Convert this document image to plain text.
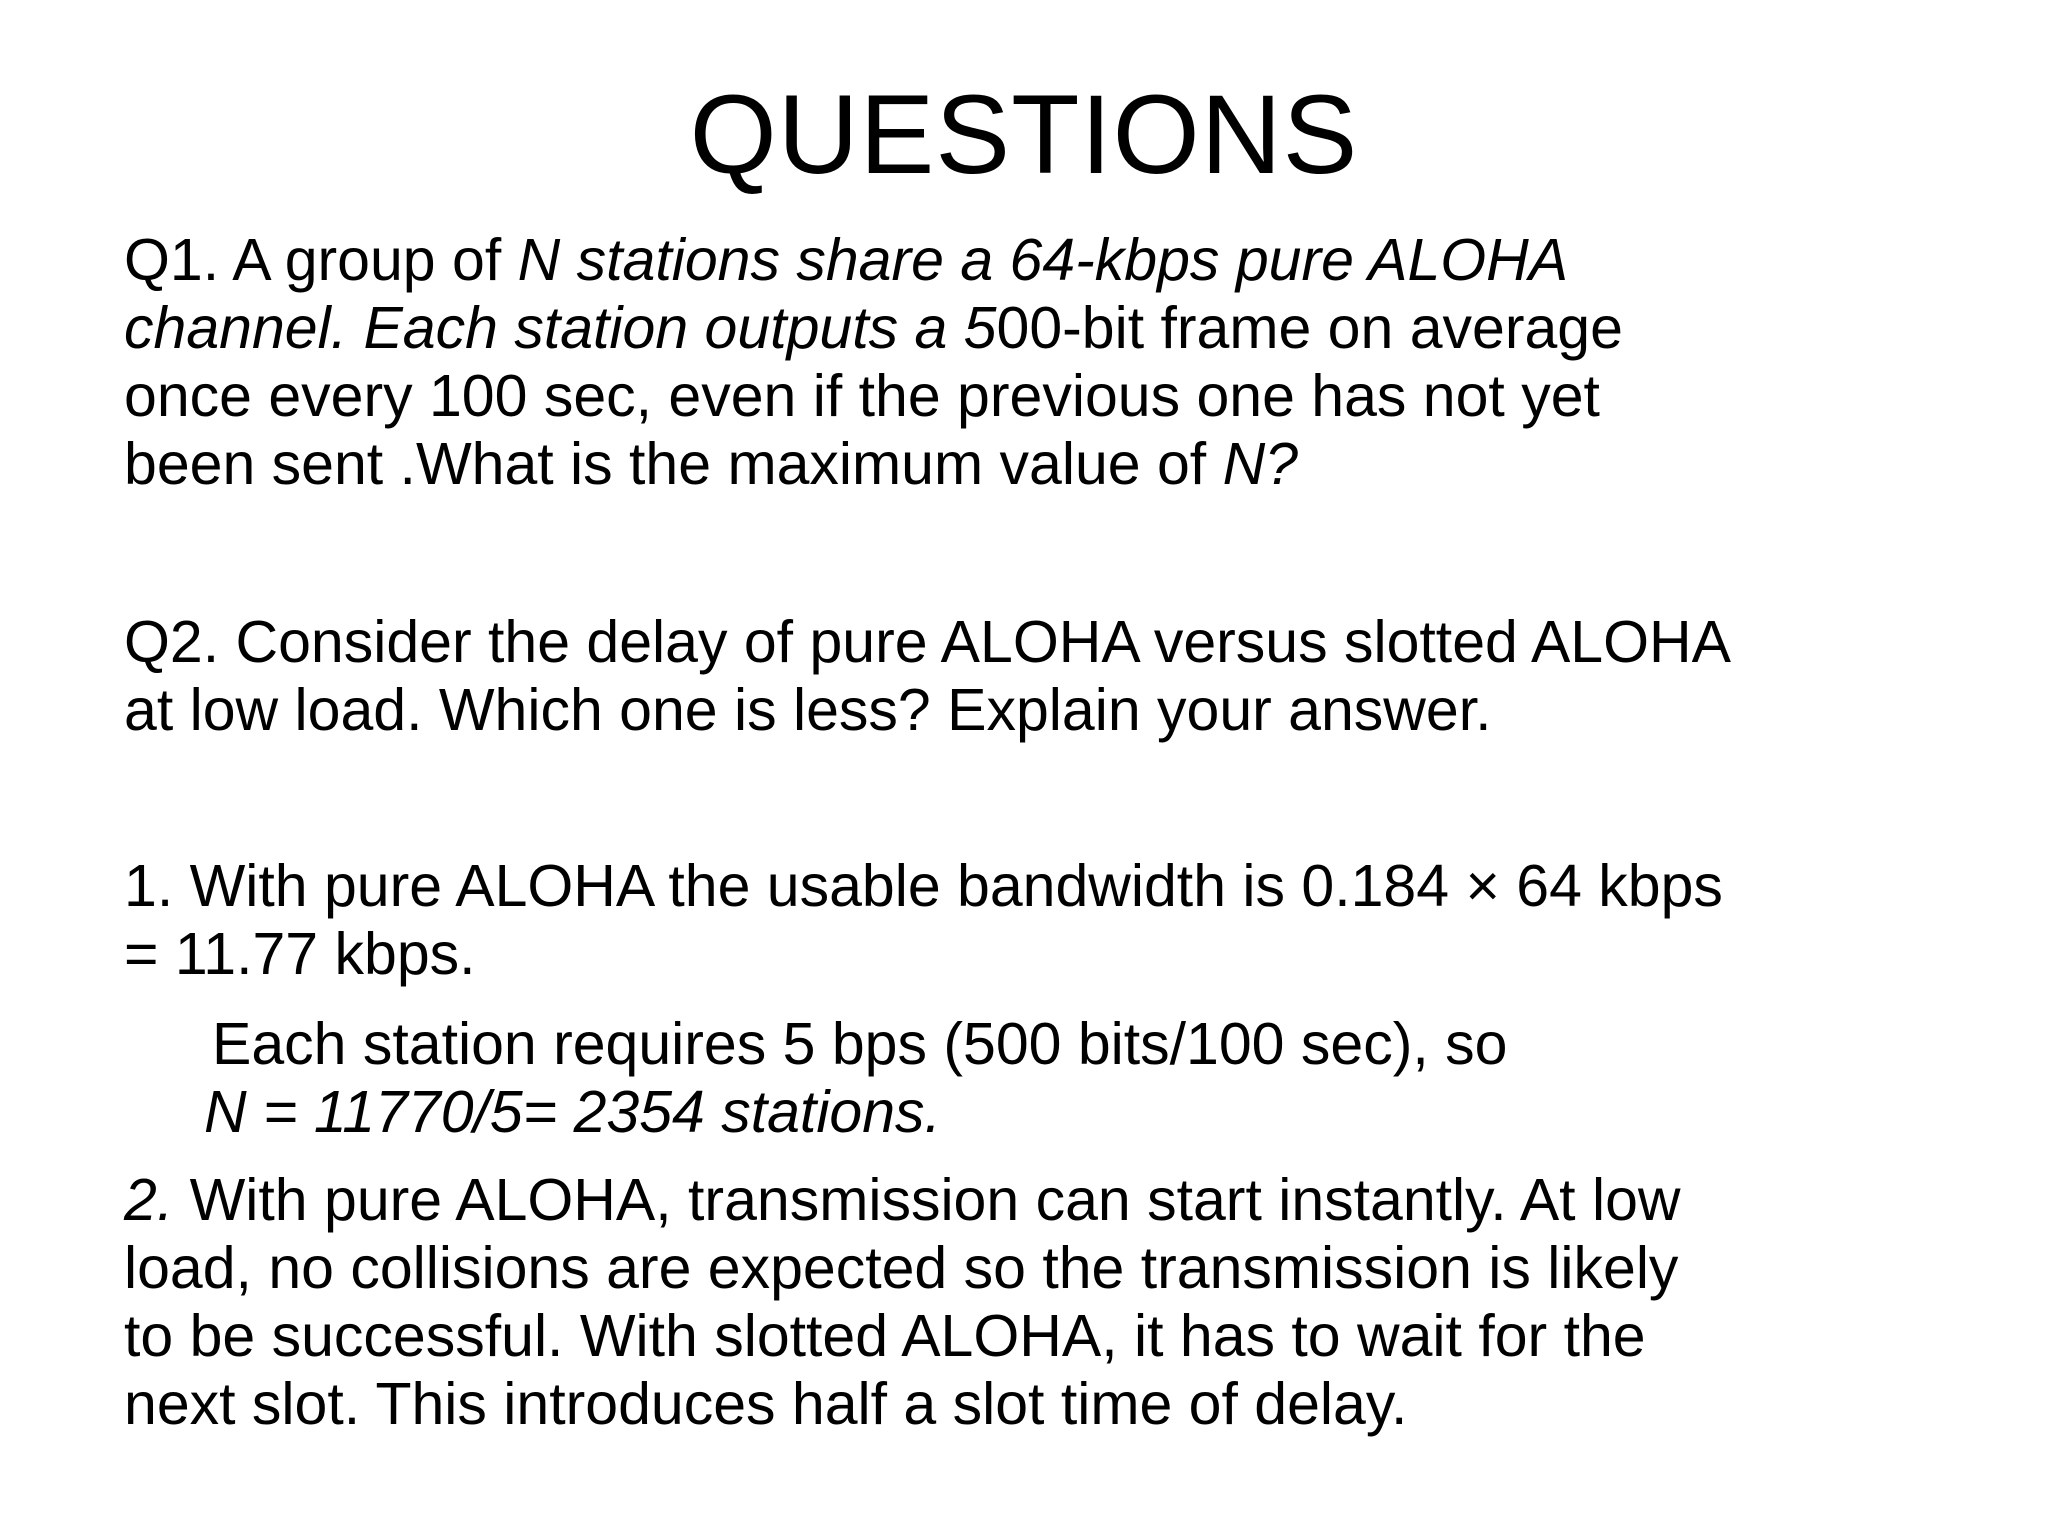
QUESTIONS

Q1. A group of N stations share a 64-kbps pure ALOHA
channel. Each station outputs a 500-bit frame on average
once every 100 sec, even if the previous one has not yet
been sent .What is the maximum value of N?

Q2. Consider the delay of pure ALOHA versus slotted ALOHA
at low load. Which one is less? Explain your answer.

1. With pure ALOHA the usable bandwidth is 0.184 × 64 kbps
= 11.77 kbps.

Each station requires 5 bps (500 bits/100 sec), so
N = 11770/5= 2354 stations.

2. With pure ALOHA, transmission can start instantly. At low
load, no collisions are expected so the transmission is likely
to be successful. With slotted ALOHA, it has to wait for the
next slot. This introduces half a slot time of delay.
